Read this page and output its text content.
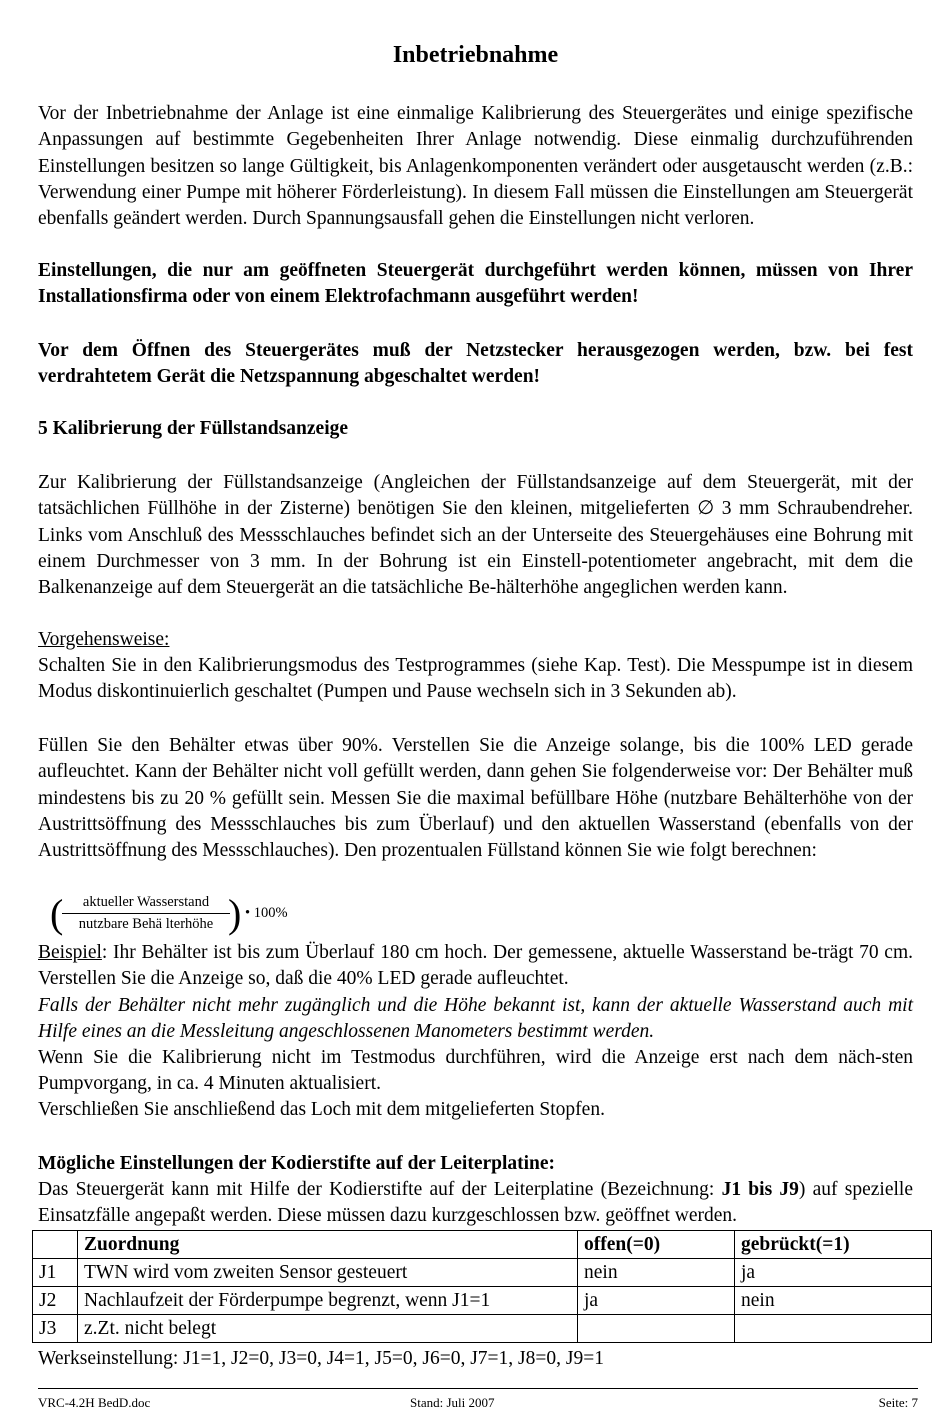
Inbetriebnahme

Vor der Inbetriebnahme der Anlage ist eine einmalige Kalibrierung des Steuergerätes und einige spezifische Anpassungen auf bestimmte Gegebenheiten Ihrer Anlage notwendig. Diese einmalig durchzuführenden Einstellungen besitzen so lange Gültigkeit, bis Anlagenkomponenten verändert oder ausgetauscht werden (z.B.: Verwendung einer Pumpe mit höherer Förderleistung). In diesem Fall müssen die Einstellungen am Steuergerät ebenfalls geändert werden. Durch Spannungsausfall gehen die Einstellungen nicht verloren.

Einstellungen, die nur am geöffneten Steuergerät durchgeführt werden können, müssen von Ihrer Installationsfirma oder von einem Elektrofachmann ausgeführt werden!

Vor dem Öffnen des Steuergerätes muß der Netzstecker herausgezogen werden, bzw. bei fest verdrahtetem Gerät die Netzspannung abgeschaltet werden!

5 Kalibrierung der Füllstandsanzeige

Zur Kalibrierung der Füllstandsanzeige (Angleichen der Füllstandsanzeige auf dem Steuergerät, mit der tatsächlichen Füllhöhe in der Zisterne) benötigen Sie den kleinen, mitgelieferten ∅ 3 mm Schraubendreher. Links vom Anschluß des Messschlauches befindet sich an der Unterseite des Steuergehäuses eine Bohrung mit einem Durchmesser von 3 mm. In der Bohrung ist ein Einstell-potentiometer angebracht, mit dem die Balkenanzeige auf dem Steuergerät an die tatsächliche Be-hälterhöhe angeglichen werden kann.

Vorgehensweise:

Schalten Sie in den Kalibrierungsmodus des Testprogrammes (siehe Kap. Test). Die Messpumpe ist in diesem Modus diskontinuierlich geschaltet (Pumpen und Pause wechseln sich in 3 Sekunden ab).

Füllen Sie den Behälter etwas über 90%. Verstellen Sie die Anzeige solange, bis die 100% LED gerade aufleuchtet. Kann der Behälter nicht voll gefüllt werden, dann gehen Sie folgenderweise vor: Der Behälter muß mindestens bis zu 20 % gefüllt sein. Messen Sie die maximal befüllbare Höhe (nutzbare Behälterhöhe von der Austrittsöffnung des Messschlauches bis zum Überlauf) und den aktuellen Wasserstand (ebenfalls von der Austrittsöffnung des Messschlauches). Den prozentualen Füllstand können Sie wie folgt berechnen:

(	aktueller Wasserstand
nutzbare Behä lterhöhe ) • 100%

Beispiel: Ihr Behälter ist bis zum Überlauf 180 cm hoch. Der gemessene, aktuelle Wasserstand be-trägt 70 cm. Verstellen Sie die Anzeige so, daß die 40% LED gerade aufleuchtet.

Falls der Behälter nicht mehr zugänglich und die Höhe bekannt ist, kann der aktuelle Wasserstand auch mit Hilfe eines an die Messleitung angeschlossenen Manometers bestimmt werden.

Wenn Sie die Kalibrierung nicht im Testmodus durchführen, wird die Anzeige erst nach dem näch-sten Pumpvorgang, in ca. 4 Minuten aktualisiert.

Verschließen Sie anschließend das Loch mit dem mitgelieferten Stopfen.

Mögliche Einstellungen der Kodierstifte auf der Leiterplatine:

Das Steuergerät kann mit Hilfe der Kodierstifte auf der Leiterplatine (Bezeichnung: J1 bis J9) auf spezielle Einsatzfälle angepaßt werden. Diese müssen dazu kurzgeschlossen bzw. geöffnet werden.

	Zuordnung	offen(=0)	gebrückt(=1)
J1	TWN wird vom zweiten Sensor gesteuert	nein	ja
J2	Nachlaufzeit der Förderpumpe begrenzt, wenn J1=1	ja	nein
J3	z.Zt. nicht belegt		

Werkseinstellung: J1=1, J2=0, J3=0, J4=1, J5=0, J6=0, J7=1, J8=0, J9=1

VRC-4.2H BedD.doc	Stand: Juli 2007	Seite: 7
